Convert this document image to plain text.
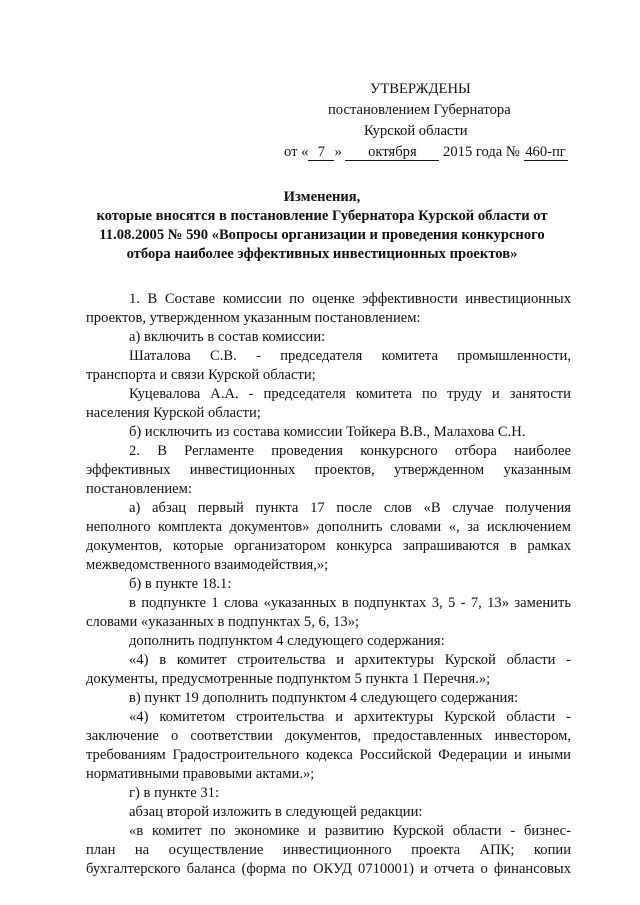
УТВЕРЖДЕНЫ
постановлением Губернатора
Курской области
от « 7 » октября 2015 года № 460-пг
Изменения,
которые вносятся в постановление Губернатора Курской области от
11.08.2005 № 590 «Вопросы организации и проведения конкурсного
отбора наиболее эффективных инвестиционных проектов»
1. В Составе комиссии по оценке эффективности инвестиционных
проектов, утвержденном указанным постановлением:
а) включить в состав комиссии:
Шаталова С.В. - председателя комитета промышленности,
транспорта и связи Курской области;
Куцевалова А.А. - председателя комитета по труду и занятости
населения Курской области;
б) исключить из состава комиссии Тойкера В.В., Малахова С.Н.
2. В Регламенте проведения конкурсного отбора наиболее
эффективных инвестиционных проектов, утвержденном указанным
постановлением:
а) абзац первый пункта 17 после слов «В случае получения
неполного комплекта документов» дополнить словами «, за исключением
документов, которые организатором конкурса запрашиваются в рамках
межведомственного взаимодействия,»;
б) в пункте 18.1:
в подпункте 1 слова «указанных в подпунктах 3, 5 - 7, 13» заменить
словами «указанных в подпунктах 5, 6, 13»;
дополнить подпунктом 4 следующего содержания:
«4) в комитет строительства и архитектуры Курской области -
документы, предусмотренные подпунктом 5 пункта 1 Перечня.»;
в) пункт 19 дополнить подпунктом 4 следующего содержания:
«4) комитетом строительства и архитектуры Курской области -
заключение о соответствии документов, предоставленных инвестором,
требованиям Градостроительного кодекса Российской Федерации и иными
нормативными правовыми актами.»;
г) в пункте 31:
абзац второй изложить в следующей редакции:
«в комитет по экономике и развитию Курской области - бизнес-
план на осуществление инвестиционного проекта АПК; копии
бухгалтерского баланса (форма по ОКУД 0710001) и отчета о финансовых
